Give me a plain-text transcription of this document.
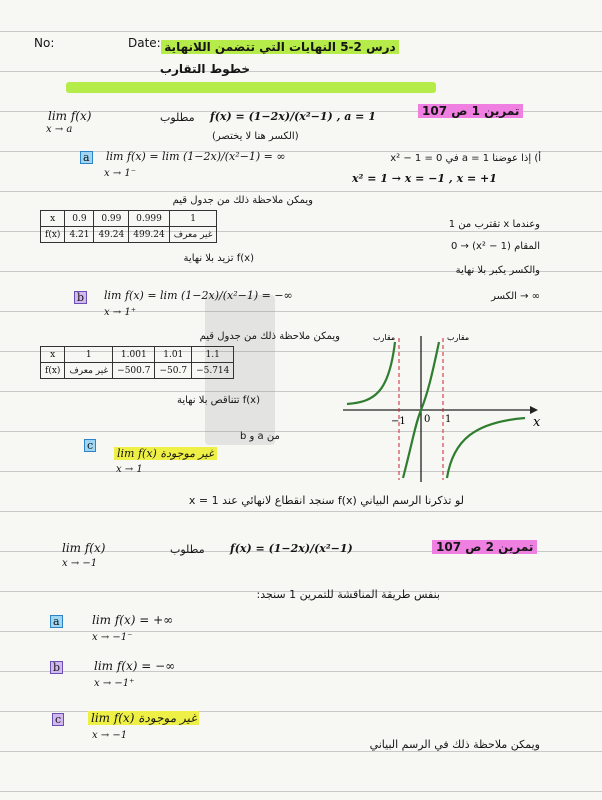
No:	Date: درس 2-5 النهايات التي تتضمن اللانهاية
خطوط التقارب
تمرين 1 ص 107
lim f(x)
x → a
مطلوب f(x) = (1−2x)/(x²−1) , a = 1
(الكسر هنا لا يختصر)
أ) إذا عوضنا a = 1 في x² − 1 = 0
x² = 1 → x = −1 , x = +1
وعندما x تقترب من 1
المقام (x² − 1) → 0
والكسر يكبر بلا نهاية
∞ → الكسر
a lim f(x) = lim (1−2x)/(x²−1) = ∞
x → 1⁻
ويمكن ملاحظة ذلك من جدول قيم
x	0.9	0.99	0.999	1
f(x)	4.21	49.24	499.24	غير معرف
f(x) تزيد بلا نهاية
b lim f(x) = lim (1−2x)/(x²−1) = −∞
x → 1⁺
ويمكن ملاحظة ذلك من جدول قيم
x	1	1.001	1.01	1.1
f(x)	غير معرف	−500.7	−50.7	−5.714
f(x) تتناقص بلا نهاية
x
−1 0 1
مقارب	مقارب
c
من a و b
lim f(x) غير موجودة
x → 1
لو تذكرنا الرسم البياني f(x) سنجد انقطاع لانهائي عند x = 1
تمرين 2 ص 107
lim f(x)
x → −1
مطلوب f(x) = (1−2x)/(x²−1)
بنفس طريقة المناقشة للتمرين 1 سنجد:
a	lim f(x) = +∞
x → −1⁻
b	lim f(x) = −∞
x → −1⁺
c lim f(x) غير موجودة
x → −1
ويمكن ملاحظة ذلك في الرسم البياني
